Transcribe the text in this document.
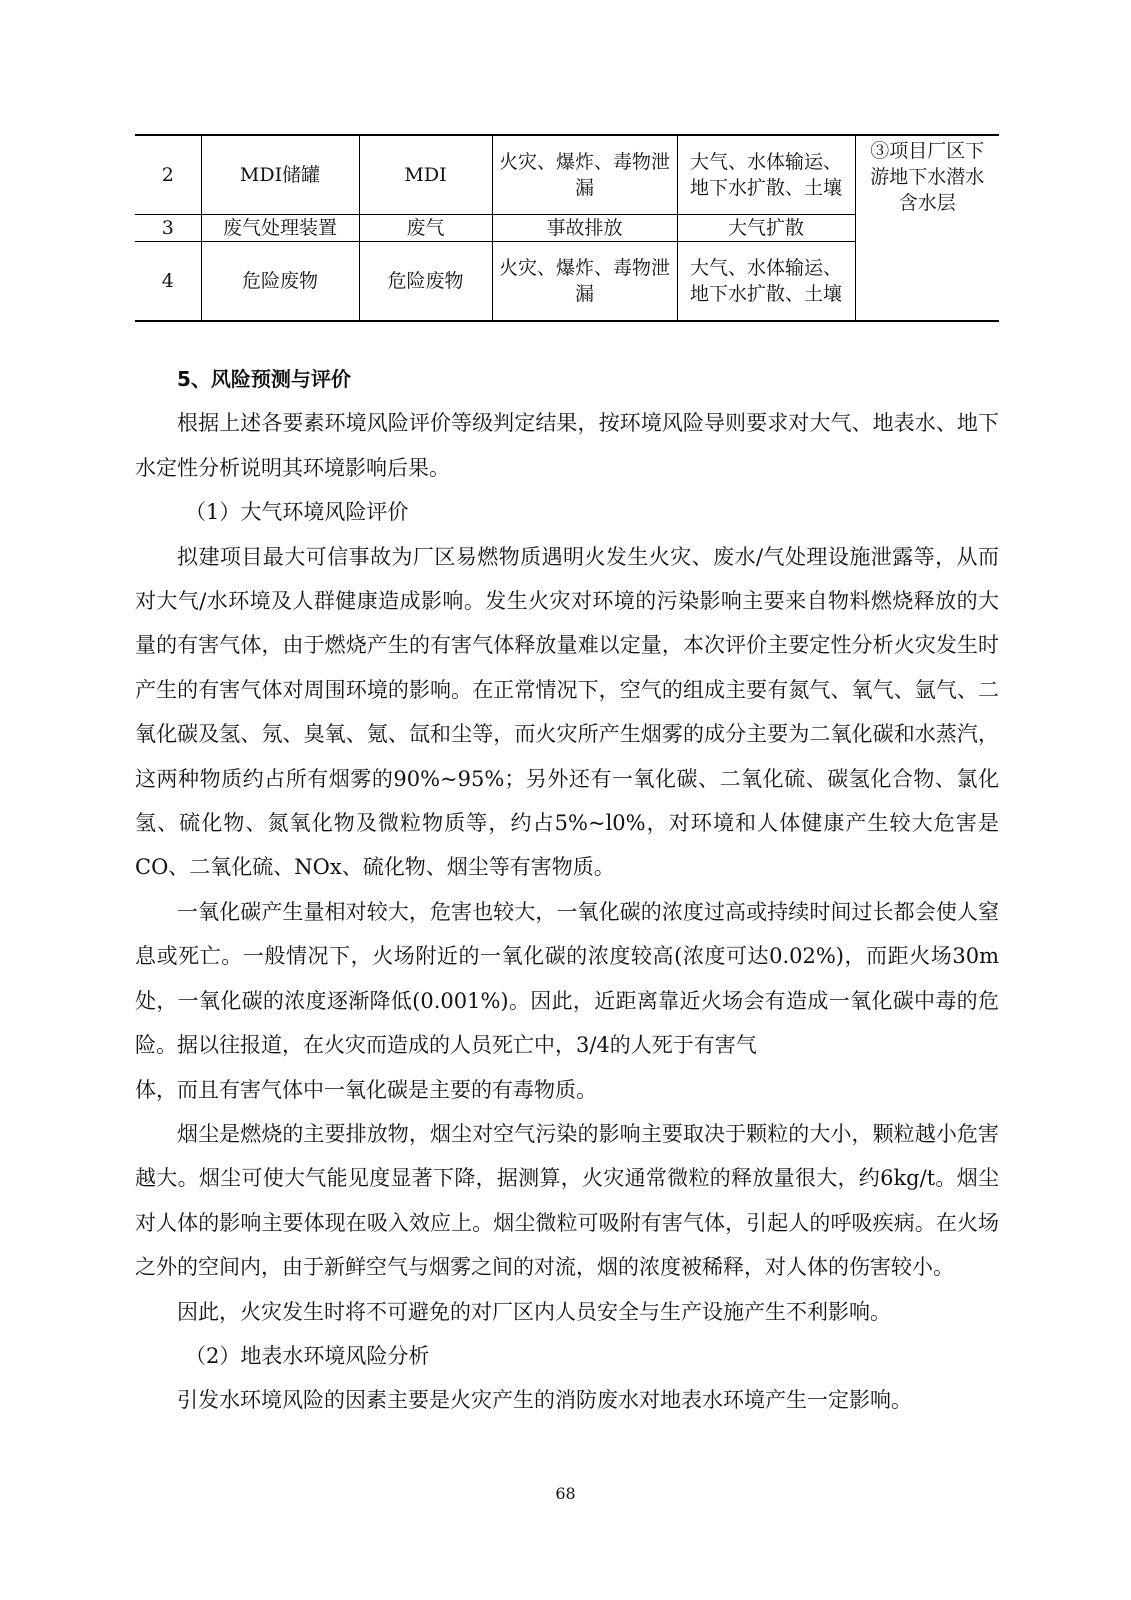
2	MDI储罐	MDI	火灾、爆炸、毒物泄漏	大气、水体输运、地下水扩散、土壤	③项目厂区下游地下水潜水含水层
3	废气处理装置	废气	事故排放	大气扩散	
4	危险废物	危险废物	火灾、爆炸、毒物泄漏	大气、水体输运、地下水扩散、土壤	

5、风险预测与评价

根据上述各要素环境风险评价等级判定结果，按环境风险导则要求对大气、地表水、地下水定性分析说明其环境影响后果。

（1）大气环境风险评价

拟建项目最大可信事故为厂区易燃物质遇明火发生火灾、废水/气处理设施泄露等，从而对大气/水环境及人群健康造成影响。发生火灾对环境的污染影响主要来自物料燃烧释放的大量的有害气体，由于燃烧产生的有害气体释放量难以定量，本次评价主要定性分析火灾发生时产生的有害气体对周围环境的影响。在正常情况下，空气的组成主要有氮气、氧气、氩气、二氧化碳及氢、氖、臭氧、氪、氙和尘等，而火灾所产生烟雾的成分主要为二氧化碳和水蒸汽，这两种物质约占所有烟雾的90%~95%；另外还有一氧化碳、二氧化硫、碳氢化合物、氯化氢、硫化物、氮氧化物及微粒物质等，约占5%~l0%，对环境和人体健康产生较大危害是CO、二氧化硫、NOx、硫化物、烟尘等有害物质。

一氧化碳产生量相对较大，危害也较大，一氧化碳的浓度过高或持续时间过长都会使人窒息或死亡。一般情况下，火场附近的一氧化碳的浓度较高(浓度可达0.02%)，而距火场30m处，一氧化碳的浓度逐渐降低(0.001%)。因此，近距离靠近火场会有造成一氧化碳中毒的危险。据以往报道，在火灾而造成的人员死亡中，3/4的人死于有害气

体，而且有害气体中一氧化碳是主要的有毒物质。

烟尘是燃烧的主要排放物，烟尘对空气污染的影响主要取决于颗粒的大小，颗粒越小危害越大。烟尘可使大气能见度显著下降，据测算，火灾通常微粒的释放量很大，约6kg/t。烟尘对人体的影响主要体现在吸入效应上。烟尘微粒可吸附有害气体，引起人的呼吸疾病。在火场之外的空间内，由于新鲜空气与烟雾之间的对流，烟的浓度被稀释，对人体的伤害较小。

因此，火灾发生时将不可避免的对厂区内人员安全与生产设施产生不利影响。

（2）地表水环境风险分析

引发水环境风险的因素主要是火灾产生的消防废水对地表水环境产生一定影响。

68
